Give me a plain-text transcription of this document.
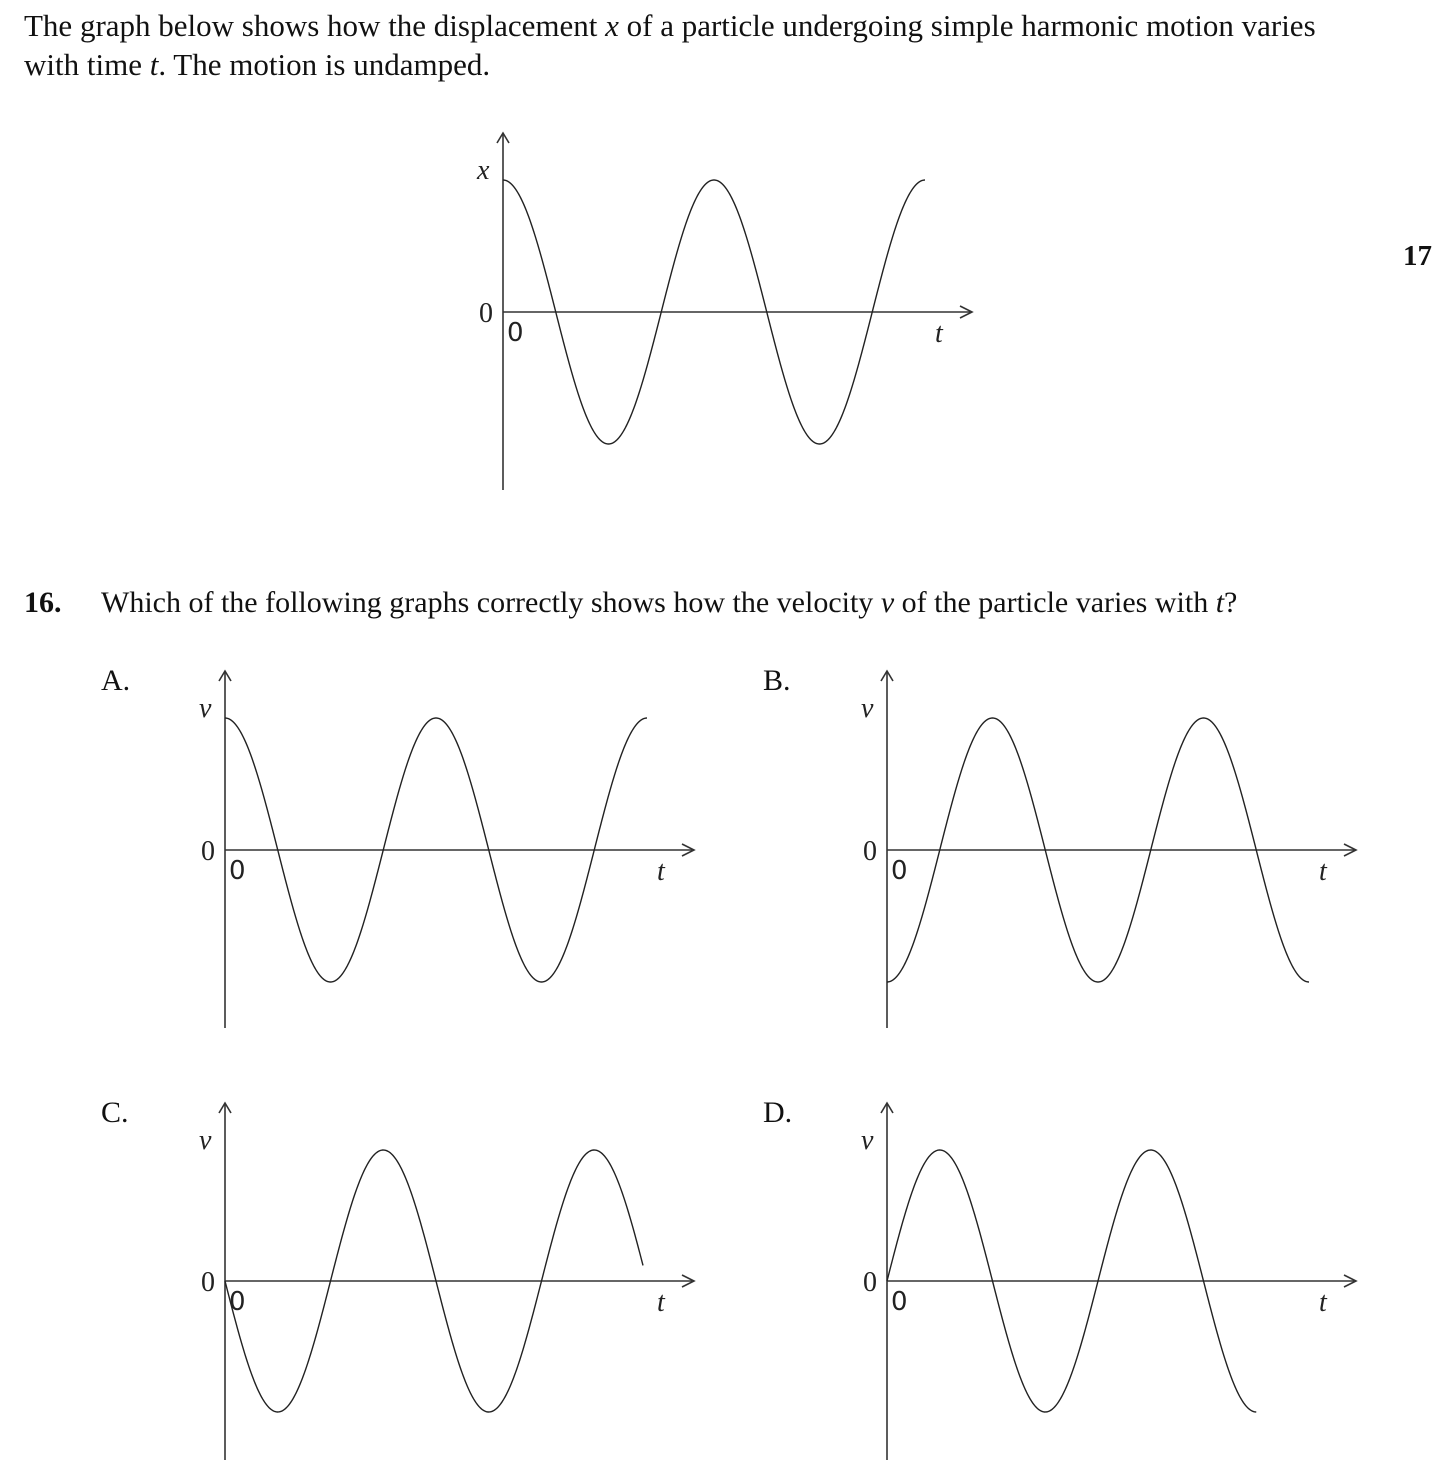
The graph below shows how the displacement x of a particle undergoing simple harmonic motion varies
with time t. The motion is undamped.

17
16. Which of the following graphs correctly shows how the velocity v of the particle varies with t?
A.	B.
C.	D.
x
t
0
0
v
t
0
0
v
t
0
0
v
t
0
0
v
t
0
0
